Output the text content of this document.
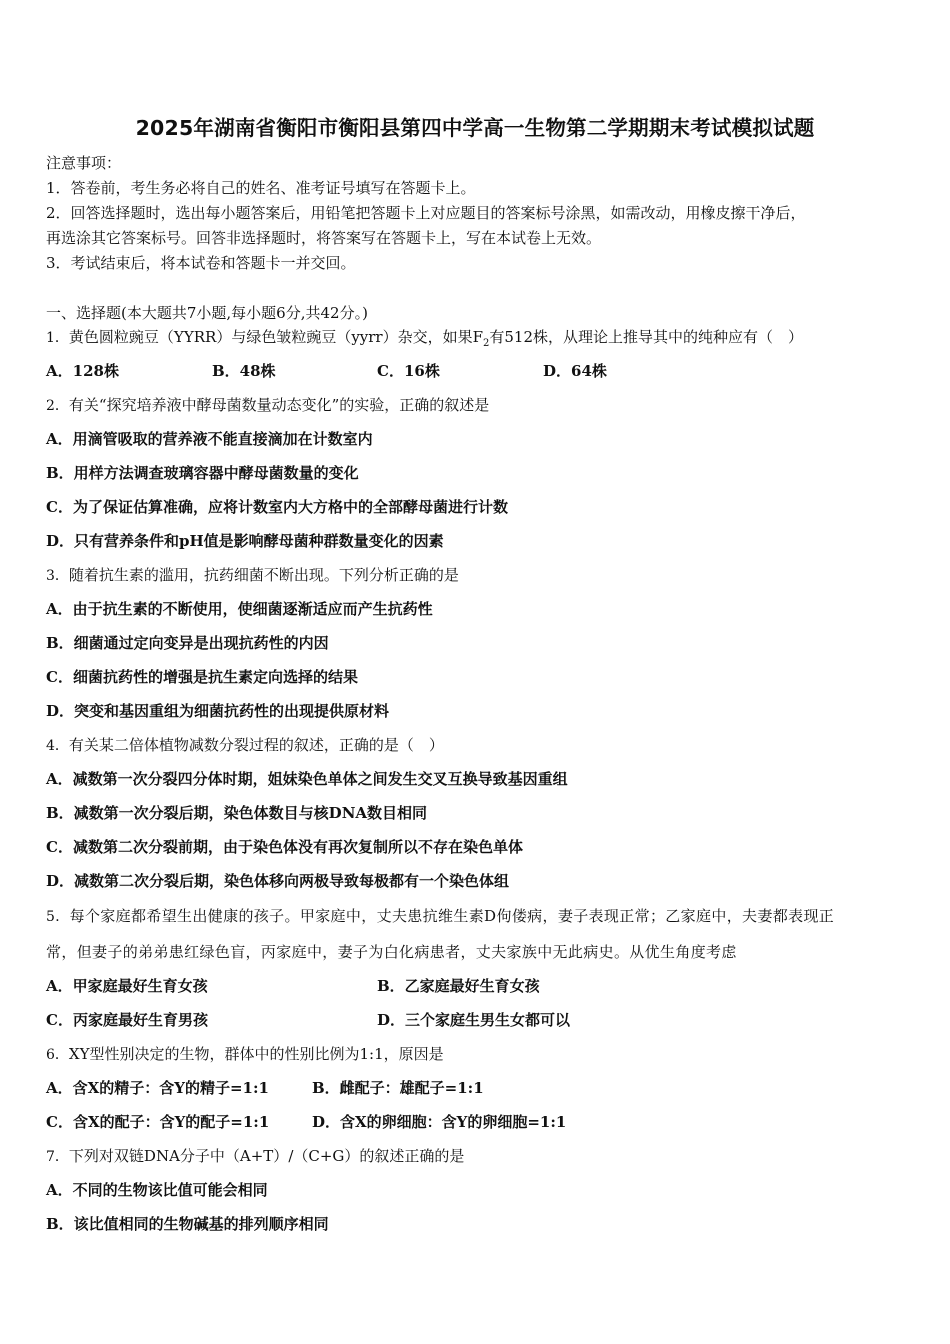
2025年湖南省衡阳市衡阳县第四中学高一生物第二学期期末考试模拟试题
注意事项：
1．答卷前，考生务必将自己的姓名、准考证号填写在答题卡上。
2．回答选择题时，选出每小题答案后，用铅笔把答题卡上对应题目的答案标号涂黑，如需改动，用橡皮擦干净后，
再选涂其它答案标号。回答非选择题时，将答案写在答题卡上，写在本试卷上无效。
3．考试结束后，将本试卷和答题卡一并交回。
一、选择题(本大题共7小题,每小题6分,共42分。)
1．黄色圆粒豌豆（YYRR）与绿色皱粒豌豆（yyrr）杂交，如果$F_2$有512株，从理论上推导其中的纯种应有（　）
A．128株	B．48株	C．16株	D．64株
2．有关“探究培养液中酵母菌数量动态变化”的实验，正确的叙述是
A．用滴管吸取的营养液不能直接滴加在计数室内
B．用样方法调查玻璃容器中酵母菌数量的变化
C．为了保证估算准确，应将计数室内大方格中的全部酵母菌进行计数
D．只有营养条件和pH值是影响酵母菌种群数量变化的因素
3．随着抗生素的滥用，抗药细菌不断出现。下列分析正确的是
A．由于抗生素的不断使用，使细菌逐渐适应而产生抗药性
B．细菌通过定向变异是出现抗药性的内因
C．细菌抗药性的增强是抗生素定向选择的结果
D．突变和基因重组为细菌抗药性的出现提供原材料
4．有关某二倍体植物减数分裂过程的叙述，正确的是（　）
A．减数第一次分裂四分体时期，姐妹染色单体之间发生交叉互换导致基因重组
B．减数第一次分裂后期，染色体数目与核DNA数目相同
C．减数第二次分裂前期，由于染色体没有再次复制所以不存在染色单体
D．减数第二次分裂后期，染色体移向两极导致每极都有一个染色体组
5．每个家庭都希望生出健康的孩子。甲家庭中，丈夫患抗维生素D佝偻病，妻子表现正常；乙家庭中，夫妻都表现正
常，但妻子的弟弟患红绿色盲，丙家庭中，妻子为白化病患者，丈夫家族中无此病史。从优生角度考虑
A．甲家庭最好生育女孩	B．乙家庭最好生育女孩
C．丙家庭最好生育男孩	D．三个家庭生男生女都可以
6．XY型性别决定的生物，群体中的性别比例为1:1，原因是
A．含X的精子：含Y的精子=1:1	B．雌配子：雄配子=1:1
C．含X的配子：含Y的配子=1:1	D．含X的卵细胞：含Y的卵细胞=1:1
7．下列对双链DNA分子中（A+T）/（C+G）的叙述正确的是
A．不同的生物该比值可能会相同
B．该比值相同的生物碱基的排列顺序相同
